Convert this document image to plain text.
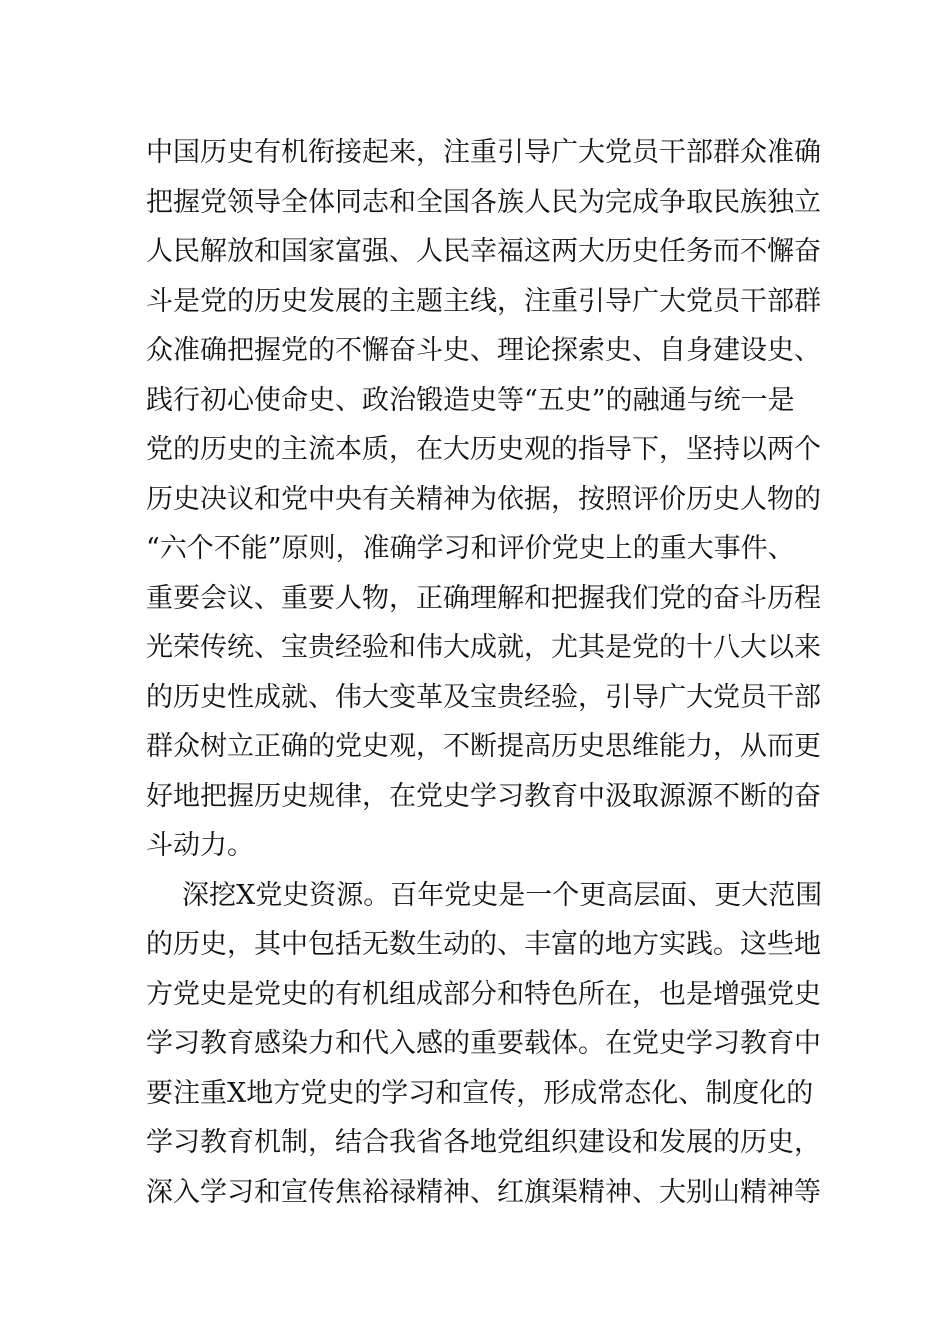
中国历史有机衔接起来，注重引导广大党员干部群众准确
把握党领导全体同志和全国各族人民为完成争取民族独立
人民解放和国家富强、人民幸福这两大历史任务而不懈奋
斗是党的历史发展的主题主线，注重引导广大党员干部群
众准确把握党的不懈奋斗史、理论探索史、自身建设史、
践行初心使命史、政治锻造史等“五史”的融通与统一是
党的历史的主流本质，在大历史观的指导下，坚持以两个
历史决议和党中央有关精神为依据，按照评价历史人物的
“六个不能”原则，准确学习和评价党史上的重大事件、
重要会议、重要人物，正确理解和把握我们党的奋斗历程
光荣传统、宝贵经验和伟大成就，尤其是党的十八大以来
的历史性成就、伟大变革及宝贵经验，引导广大党员干部
群众树立正确的党史观，不断提高历史思维能力，从而更
好地把握历史规律，在党史学习教育中汲取源源不断的奋
斗动力。
深挖X党史资源。百年党史是一个更高层面、更大范围
的历史，其中包括无数生动的、丰富的地方实践。这些地
方党史是党史的有机组成部分和特色所在，也是增强党史
学习教育感染力和代入感的重要载体。在党史学习教育中
要注重X地方党史的学习和宣传，形成常态化、制度化的
学习教育机制，结合我省各地党组织建设和发展的历史，
深入学习和宣传焦裕禄精神、红旗渠精神、大别山精神等
